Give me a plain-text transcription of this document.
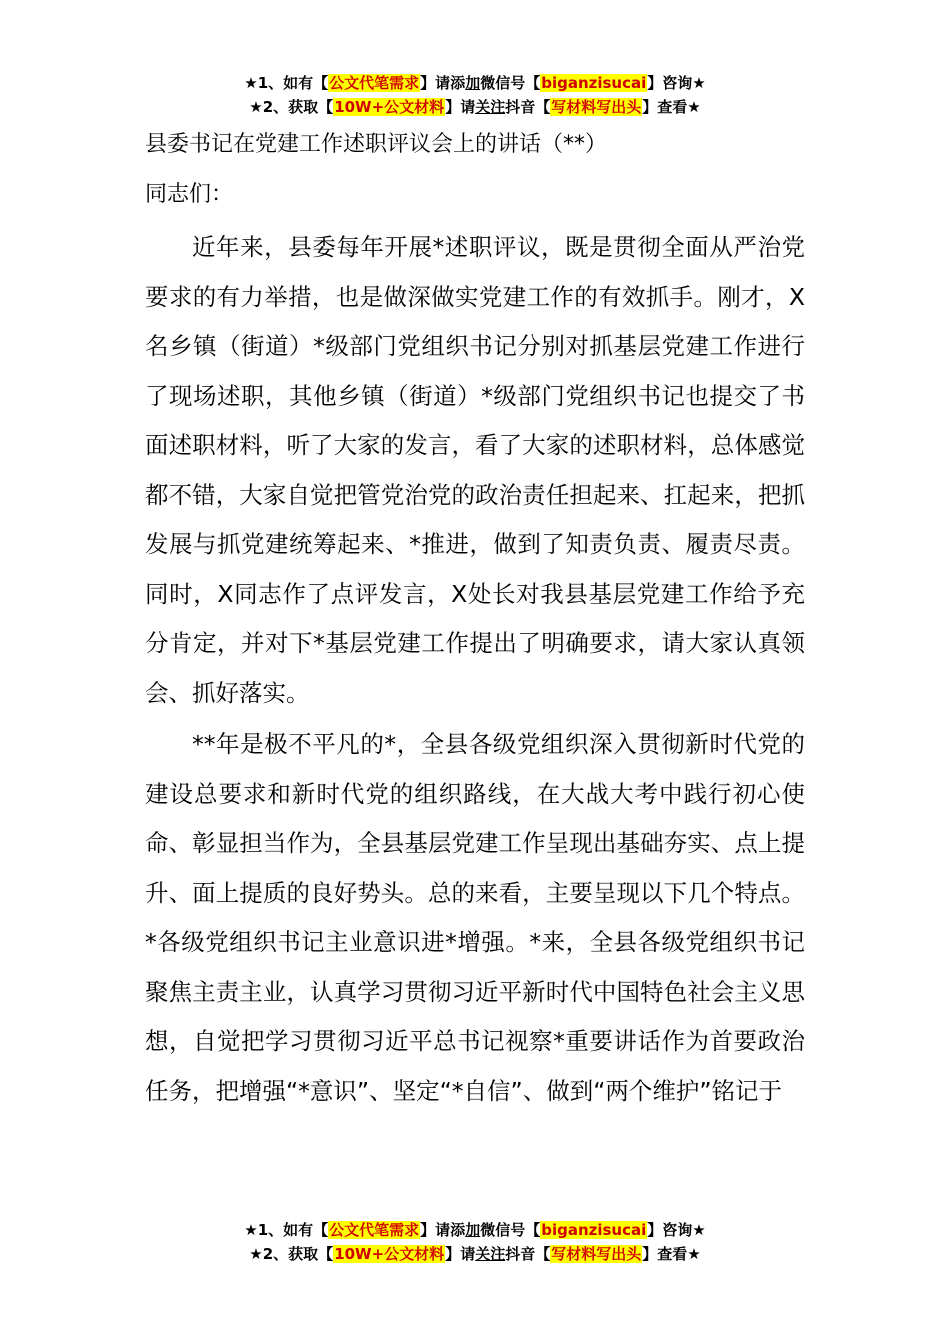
★1、如有【公文代笔需求】请添加微信号【biganzisucai】咨询★
★2、获取【10W+公文材料】请关注抖音【写材料写出头】查看★
县委书记在党建工作述职评议会上的讲话（**）
同志们：

近年来，县委每年开展*述职评议，既是贯彻全面从严治党要求的有力举措，也是做深做实党建工作的有效抓手。刚才，X名乡镇（街道）*级部门党组织书记分别对抓基层党建工作进行了现场述职，其他乡镇（街道）*级部门党组织书记也提交了书面述职材料，听了大家的发言，看了大家的述职材料，总体感觉都不错，大家自觉把管党治党的政治责任担起来、扛起来，把抓发展与抓党建统筹起来、*推进，做到了知责负责、履责尽责。同时，X同志作了点评发言，X处长对我县基层党建工作给予充分肯定，并对下*基层党建工作提出了明确要求，请大家认真领会、抓好落实。

**年是极不平凡的*，全县各级党组织深入贯彻新时代党的建设总要求和新时代党的组织路线，在大战大考中践行初心使命、彰显担当作为，全县基层党建工作呈现出基础夯实、点上提升、面上提质的良好势头。总的来看，主要呈现以下几个特点。*各级党组织书记主业意识进*增强。*来，全县各级党组织书记聚焦主责主业，认真学习贯彻习近平新时代中国特色社会主义思想，自觉把学习贯彻习近平总书记视察*重要讲话作为首要政治任务，把增强“*意识”、坚定“*自信”、做到“两个维护”铭记于

★1、如有【公文代笔需求】请添加微信号【biganzisucai】咨询★
★2、获取【10W+公文材料】请关注抖音【写材料写出头】查看★
